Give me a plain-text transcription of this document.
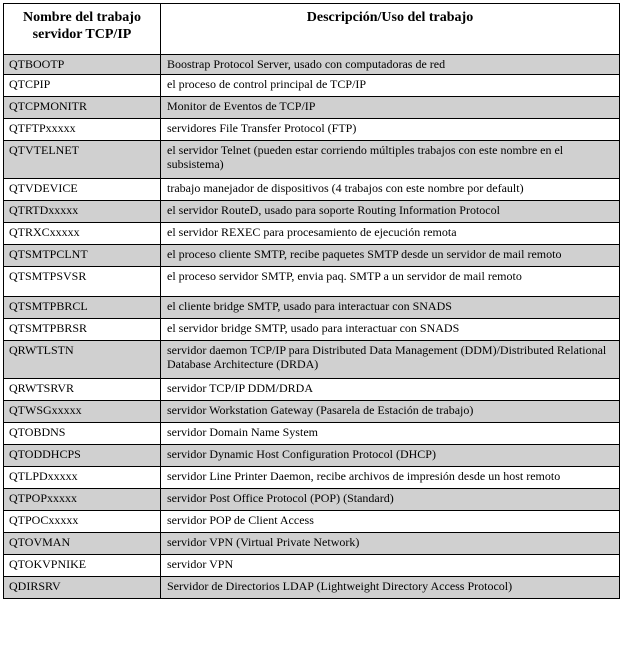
Nombre del trabajo servidor TCP/IP	Descripción/Uso del trabajo
QTBOOTP	Boostrap Protocol Server, usado con computadoras de red
QTCPIP	el proceso de control principal de TCP/IP
QTCPMONITR	Monitor de Eventos de TCP/IP
QTFTPxxxxx	servidores File Transfer Protocol (FTP)
QTVTELNET	el servidor Telnet (pueden estar corriendo múltiples trabajos con este nombre en el subsistema)
QTVDEVICE	trabajo manejador de dispositivos (4 trabajos con este nombre por default)
QTRTDxxxxx	el servidor RouteD, usado para soporte Routing Information Protocol
QTRXCxxxxx	el servidor REXEC para procesamiento de ejecución remota
QTSMTPCLNT	el proceso cliente SMTP, recibe paquetes SMTP desde un servidor de mail remoto
QTSMTPSVSR	el proceso servidor SMTP, envia paq. SMTP a un servidor de mail remoto
QTSMTPBRCL	el cliente bridge SMTP, usado para interactuar con SNADS
QTSMTPBRSR	el servidor bridge SMTP, usado para interactuar con SNADS
QRWTLSTN	servidor daemon TCP/IP para Distributed Data Management (DDM)/Distributed Relational Database Architecture (DRDA)
QRWTSRVR	servidor TCP/IP DDM/DRDA
QTWSGxxxxx	servidor Workstation Gateway (Pasarela de Estación de trabajo)
QTOBDNS	servidor Domain Name System
QTODDHCPS	servidor Dynamic Host Configuration Protocol (DHCP)
QTLPDxxxxx	servidor Line Printer Daemon, recibe archivos de impresión desde un host remoto
QTPOPxxxxx	servidor Post Office Protocol (POP) (Standard)
QTPOCxxxxx	servidor POP de Client Access
QTOVMAN	servidor VPN (Virtual Private Network)
QTOKVPNIKE	servidor VPN
QDIRSRV	Servidor de Directorios LDAP (Lightweight Directory Access Protocol)
